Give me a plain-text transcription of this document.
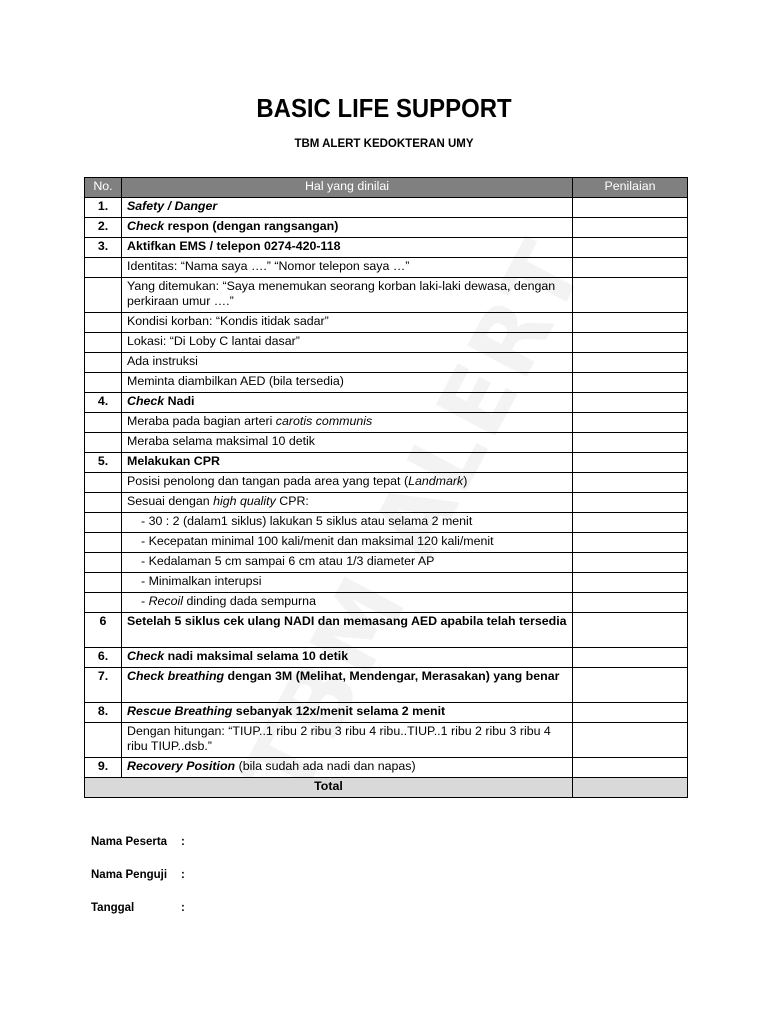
BASIC LIFE SUPPORT
TBM ALERT KEDOKTERAN UMY
No.	Hal yang dinilai	Penilaian
1.	Safety / Danger	
2.	Check respon (dengan rangsangan)	
3.	Aktifkan EMS / telepon 0274-420-118	
	Identitas: “Nama saya ….” “Nomor telepon saya …”	
	Yang ditemukan: “Saya menemukan seorang korban laki-laki dewasa, dengan perkiraan umur ….”	
	Kondisi korban: “Kondis itidak sadar”	
	Lokasi: “Di Loby C lantai dasar”	
	Ada instruksi	
	Meminta diambilkan AED (bila tersedia)	
4.	Check Nadi	
	Meraba pada bagian arteri carotis communis	
	Meraba selama maksimal 10 detik	
5.	Melakukan CPR	
	Posisi penolong dan tangan pada area yang tepat (Landmark)	
	Sesuai dengan high quality CPR:	
	- 30 : 2 (dalam1 siklus) lakukan 5 siklus atau selama 2 menit	
	- Kecepatan minimal 100 kali/menit dan maksimal 120 kali/menit	
	- Kedalaman 5 cm sampai 6 cm atau 1/3 diameter AP	
	- Minimalkan interupsi	
	- Recoil dinding dada sempurna	
6	Setelah 5 siklus cek ulang NADI dan memasang AED apabila telah tersedia	
6.	Check nadi maksimal selama 10 detik	
7.	Check breathing dengan 3M (Melihat, Mendengar, Merasakan) yang benar	
8.	Rescue Breathing sebanyak 12x/menit selama 2 menit	
	Dengan hitungan: “TIUP..1 ribu 2 ribu 3 ribu 4 ribu..TIUP..1 ribu 2 ribu 3 ribu 4 ribu TIUP..dsb.”	
9.	Recovery Position (bila sudah ada nadi dan napas)	
Total		
Nama Peserta :
Nama Penguji :
Tanggal	:
